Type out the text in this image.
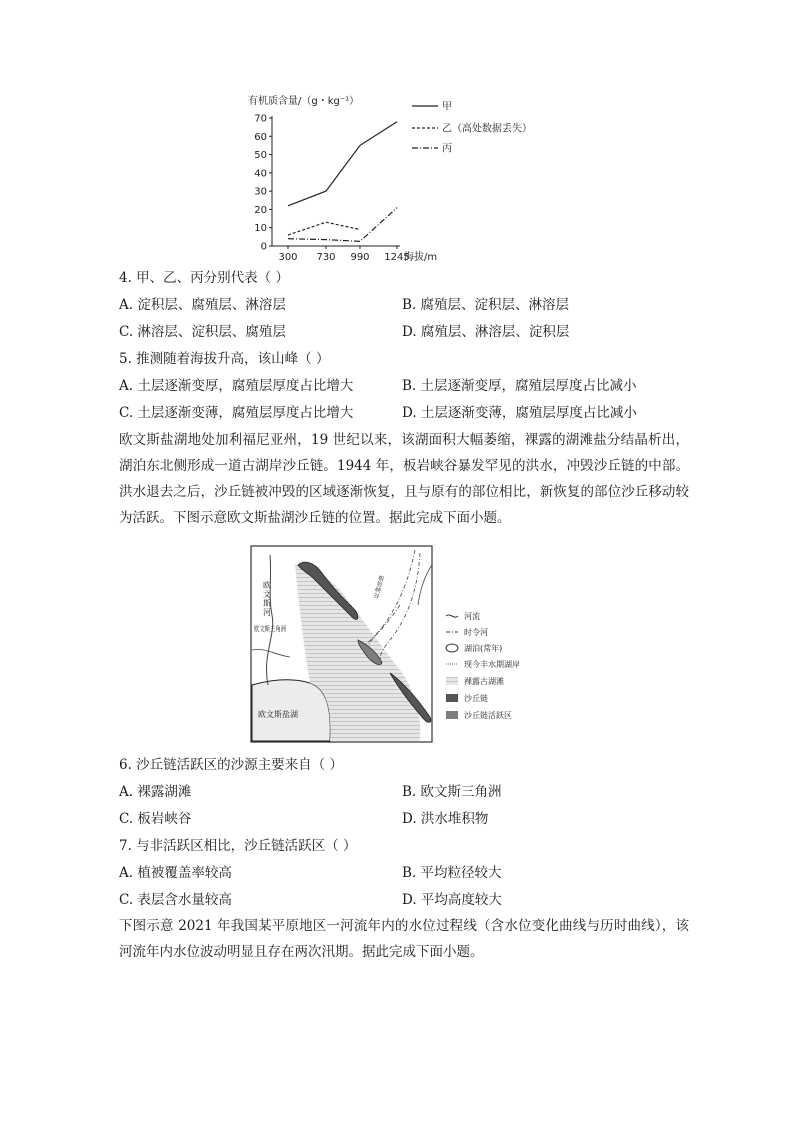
0
10
20
30
40
50
60
70
300 730 990 1245
有机质含量/（g・kg⁻¹）
海拔/m
甲
乙（高处数据丢失）
丙
4. 甲、乙、丙分别代表（ ）
A. 淀积层、腐殖层、淋溶层	B. 腐殖层、淀积层、淋溶层
C. 淋溶层、淀积层、腐殖层	D. 腐殖层、淋溶层、淀积层
5. 推测随着海拔升高，该山峰（ ）
A. 土层逐渐变厚，腐殖层厚度占比增大	B. 土层逐渐变厚，腐殖层厚度占比减小
C. 土层逐渐变薄，腐殖层厚度占比增大	D. 土层逐渐变薄，腐殖层厚度占比减小
欧文斯盐湖地处加利福尼亚州，19 世纪以来，该湖面积大幅萎缩，裸露的湖滩盐分结晶析出，湖泊东北侧形成一道古湖岸沙丘链。1944 年，板岩峡谷暴发罕见的洪水，冲毁沙丘链的中部。洪水退去之后，沙丘链被冲毁的区域逐渐恢复，且与原有的部位相比，新恢复的部位沙丘移动较为活跃。下图示意欧文斯盐湖沙丘链的位置。据此完成下面小题。
欧文斯河
欧文斯三角洲
欧文斯盐湖
板岩峡谷
河流
时令河
湖泊(常年)
现今丰水期湖岸
裸露古湖滩
沙丘链
沙丘链活跃区
6. 沙丘链活跃区的沙源主要来自（ ）
A. 裸露湖滩	B. 欧文斯三角洲
C. 板岩峡谷	D. 洪水堆积物
7. 与非活跃区相比，沙丘链活跃区（ ）
A. 植被覆盖率较高	B. 平均粒径较大
C. 表层含水量较高	D. 平均高度较大
下图示意 2021 年我国某平原地区一河流年内的水位过程线（含水位变化曲线与历时曲线），该河流年内水位波动明显且存在两次汛期。据此完成下面小题。
